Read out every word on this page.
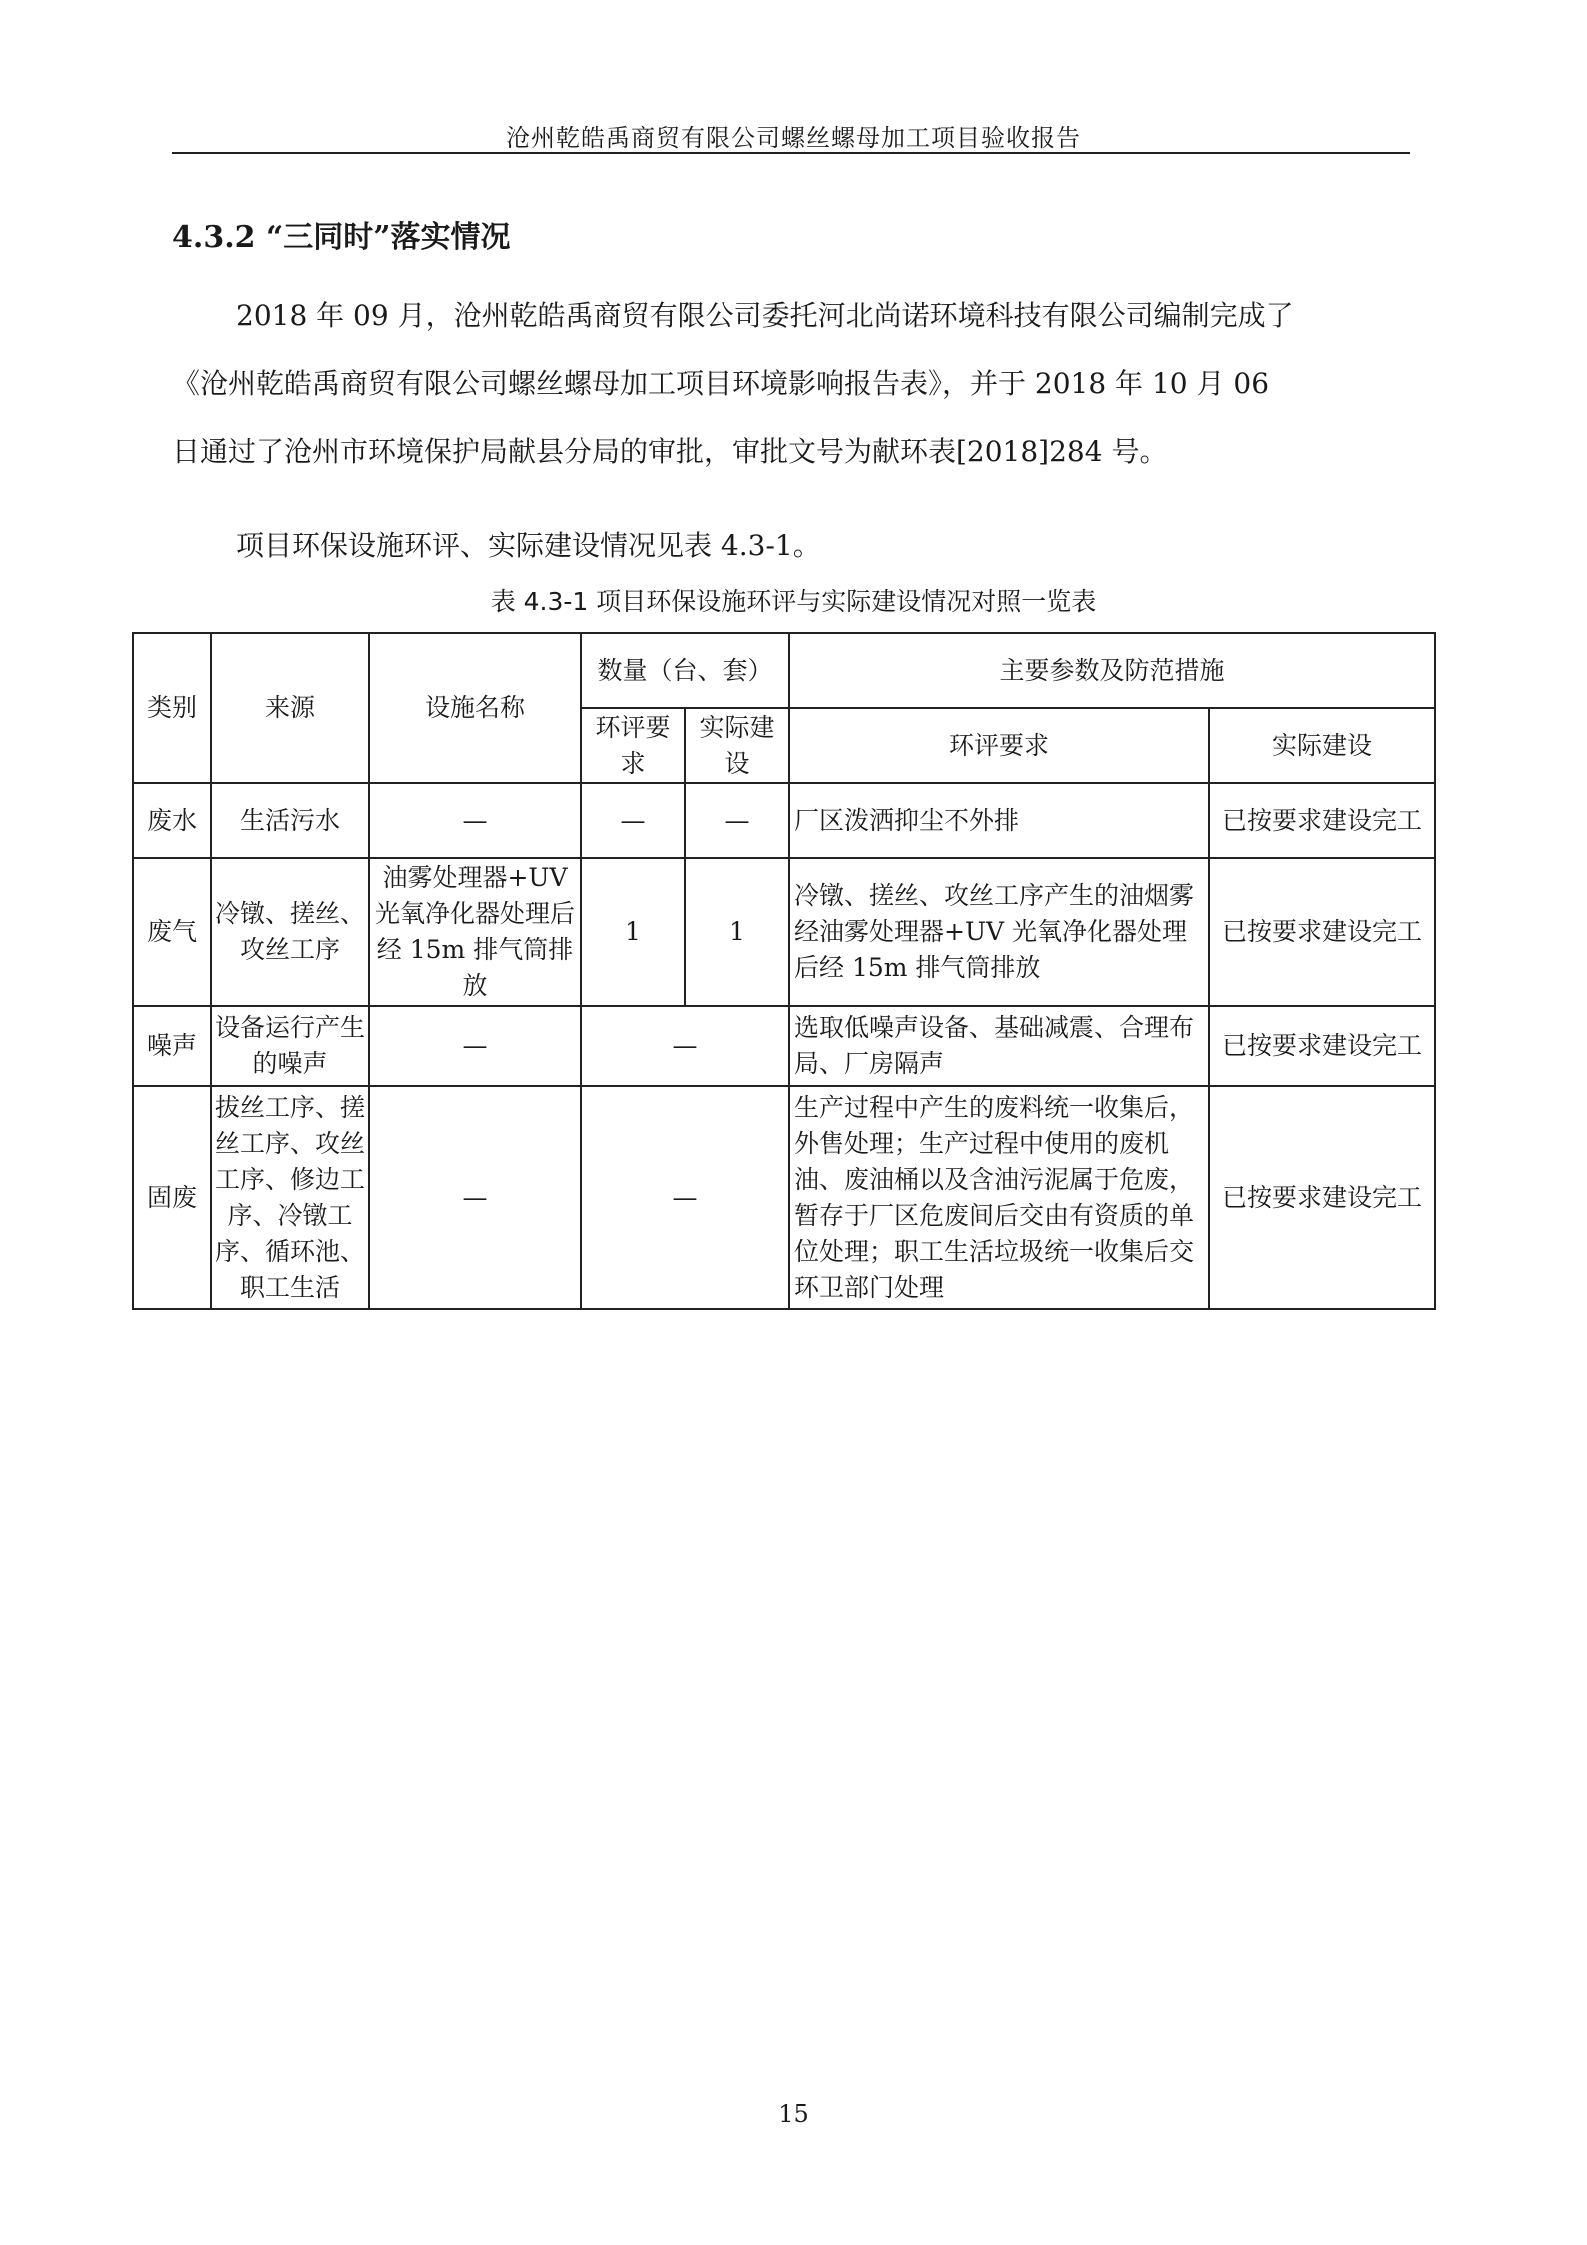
沧州乾皓禹商贸有限公司螺丝螺母加工项目验收报告
4.3.2 “三同时”落实情况
2018 年 09 月，沧州乾皓禹商贸有限公司委托河北尚诺环境科技有限公司编制完成了
《沧州乾皓禹商贸有限公司螺丝螺母加工项目环境影响报告表》，并于 2018 年 10 月 06
日通过了沧州市环境保护局献县分局的审批，审批文号为献环表[2018]284 号。
项目环保设施环评、实际建设情况见表 4.3-1。
表 4.3-1 项目环保设施环评与实际建设情况对照一览表
类别	来源	设施名称	数量（台、套）		主要参数及防范措施	
			环评要求	实际建设	环评要求	实际建设
废水	生活污水	—	—	—	厂区泼洒抑尘不外排	已按要求建设完工
废气	冷镦、搓丝、攻丝工序	油雾处理器+UV光氧净化器处理后经 15m 排气筒排放	1	1	冷镦、搓丝、攻丝工序产生的油烟雾经油雾处理器+UV 光氧净化器处理后经 15m 排气筒排放	已按要求建设完工
噪声	设备运行产生的噪声	—	—		选取低噪声设备、基础减震、合理布局、厂房隔声	已按要求建设完工
固废	拔丝工序、搓丝工序、攻丝工序、修边工序、冷镦工序、循环池、职工生活	—	—		生产过程中产生的废料统一收集后，外售处理；生产过程中使用的废机油、废油桶以及含油污泥属于危废，暂存于厂区危废间后交由有资质的单位处理；职工生活垃圾统一收集后交环卫部门处理	已按要求建设完工
15
